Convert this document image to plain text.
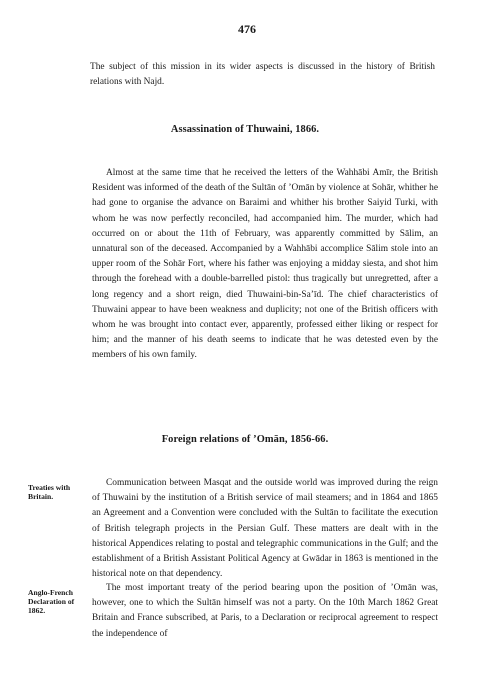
476

The subject of this mission in its wider aspects is discussed in the history of British relations with Najd.

Assassination of Thuwaini, 1866.

Almost at the same time that he received the letters of the Wahhābi Amīr, the British Resident was informed of the death of the Sultān of ’Omān by violence at Sohār, whither he had gone to organise the advance on Baraimi and whither his brother Saiyid Turki, with whom he was now perfectly reconciled, had accompanied him. The murder, which had occurred on or about the 11th of February, was apparently committed by Sālim, an unnatural son of the deceased. Accompanied by a Wahhābi accomplice Sālim stole into an upper room of the Sohār Fort, where his father was enjoying a midday siesta, and shot him through the forehead with a double-barrelled pistol: thus tragically but unregretted, after a long regency and a short reign, died Thuwaini-bin-Sa’īd. The chief characteristics of Thuwaini appear to have been weakness and duplicity; not one of the British officers with whom he was brought into contact ever, apparently, professed either liking or respect for him; and the manner of his death seems to indicate that he was detested even by the members of his own family.

Foreign relations of ’Omān, 1856-66.

Treaties with Britain.

Communication between Masqat and the outside world was improved during the reign of Thuwaini by the institution of a British service of mail steamers; and in 1864 and 1865 an Agreement and a Convention were concluded with the Sultān to facilitate the execution of British telegraph projects in the Persian Gulf. These matters are dealt with in the historical Appendices relating to postal and telegraphic communications in the Gulf; and the establishment of a British Assistant Political Agency at Gwādar in 1863 is mentioned in the historical note on that dependency.

Anglo-French Declaration of 1862.

The most important treaty of the period bearing upon the position of ’Omān was, however, one to which the Sultān himself was not a party. On the 10th March 1862 Great Britain and France subscribed, at Paris, to a Declaration or reciprocal agreement to respect the independence of
